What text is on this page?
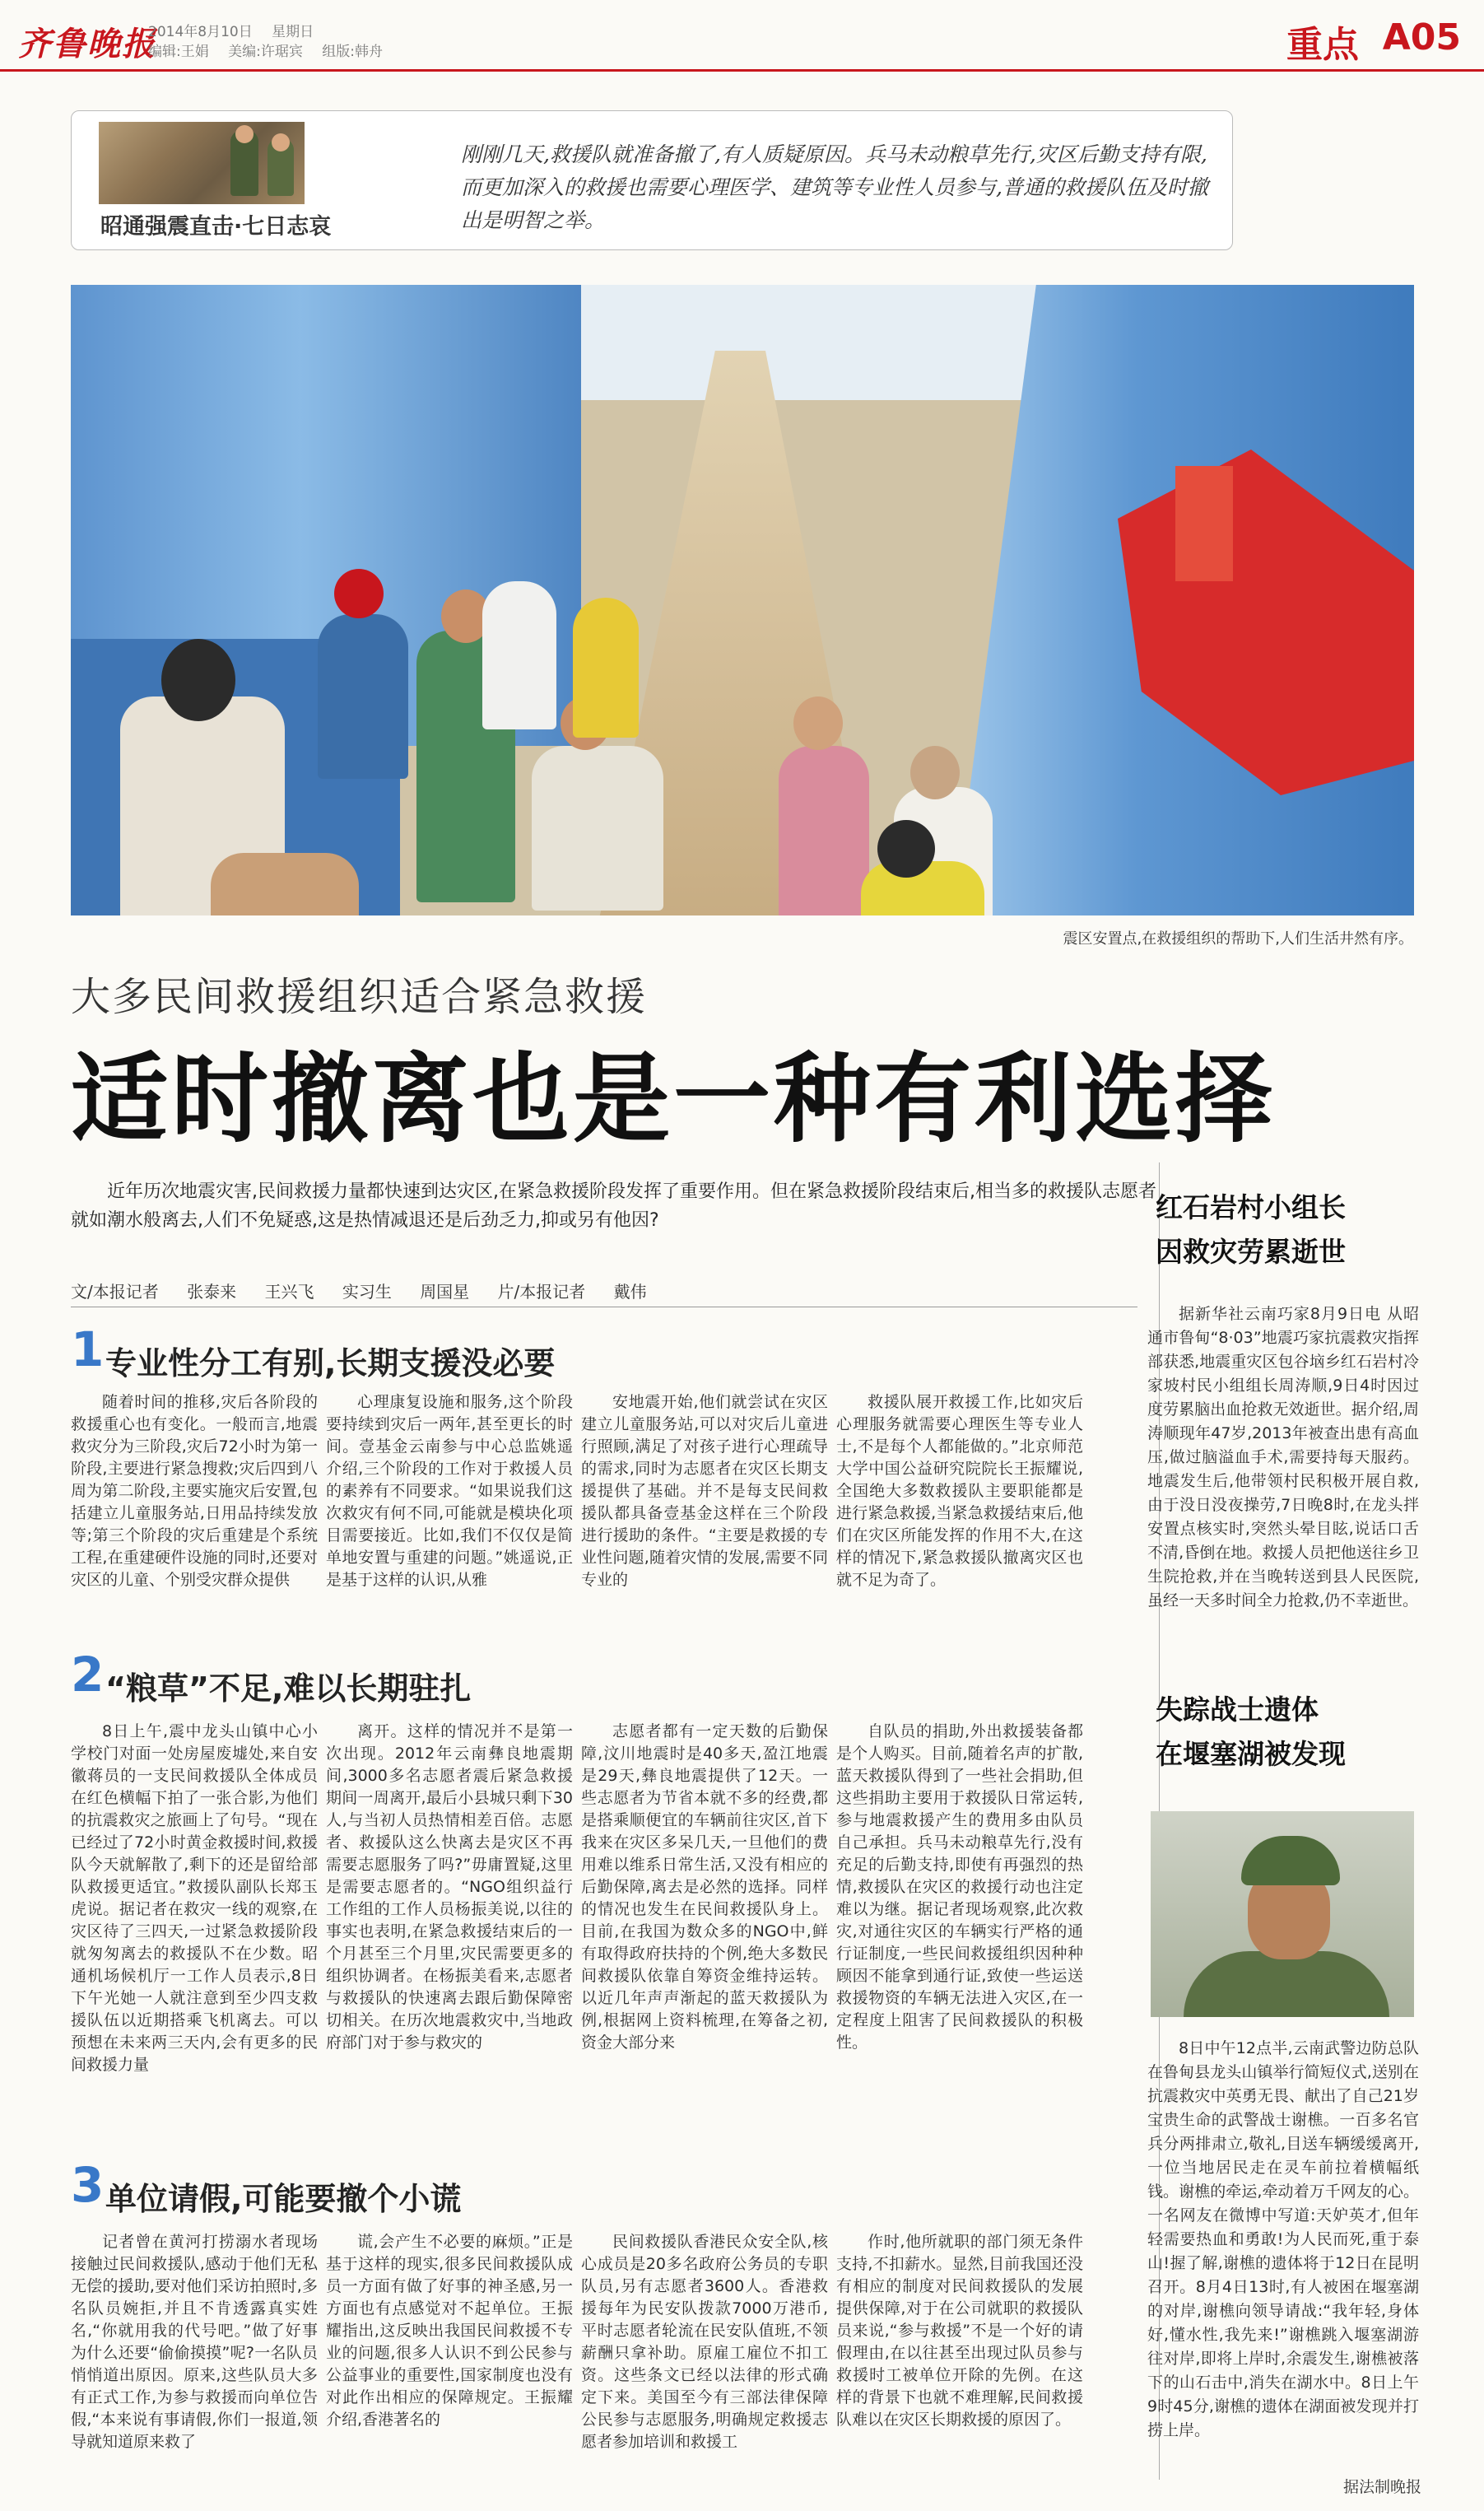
齐鲁晚报
2014年8月10日 星期日
编辑:王娟 美编:许琚宾 组版:韩舟	重点 A05
昭通强震直击·七日志哀
刚刚几天,救援队就准备撤了,有人质疑原因。兵马未动粮草先行,灾区后勤支持有限,而更加深入的救援也需要心理医学、建筑等专业性人员参与,普通的救援队伍及时撤出是明智之举。
震区安置点,在救援组织的帮助下,人们生活井然有序。
大多民间救援组织适合紧急救援
适时撤离也是一种有利选择
近年历次地震灾害,民间救援力量都快速到达灾区,在紧急救援阶段发挥了重要作用。但在紧急救援阶段结束后,相当多的救援队志愿者就如潮水般离去,人们不免疑惑,这是热情减退还是后劲乏力,抑或另有他因?
文/本报记者 张泰来 王兴飞 实习生 周国星 片/本报记者 戴伟
1 专业性分工有别,长期支援没必要
随着时间的推移,灾后各阶段的救援重心也有变化。一般而言,地震救灾分为三阶段,灾后72小时为第一阶段,主要进行紧急搜救;灾后四到八周为第二阶段,主要实施灾后安置,包括建立儿童服务站,日用品持续发放等;第三个阶段的灾后重建是个系统工程,在重建硬件设施的同时,还要对灾区的儿童、个别受灾群众提供
心理康复设施和服务,这个阶段要持续到灾后一两年,甚至更长的时间。壹基金云南参与中心总监姚遥介绍,三个阶段的工作对于救援人员的素养有不同要求。“如果说我们这次救灾有何不同,可能就是模块化项目需要接近。比如,我们不仅仅是简单地安置与重建的问题。”姚遥说,正是基于这样的认识,从雅
安地震开始,他们就尝试在灾区建立儿童服务站,可以对灾后儿童进行照顾,满足了对孩子进行心理疏导的需求,同时为志愿者在灾区长期支援提供了基础。并不是每支民间救援队都具备壹基金这样在三个阶段进行援助的条件。“主要是救援的专业性问题,随着灾情的发展,需要不同专业的
救援队展开救援工作,比如灾后心理服务就需要心理医生等专业人士,不是每个人都能做的。”北京师范大学中国公益研究院院长王振耀说,全国绝大多数救援队主要职能都是进行紧急救援,当紧急救援结束后,他们在灾区所能发挥的作用不大,在这样的情况下,紧急救援队撤离灾区也就不足为奇了。
2 “粮草”不足,难以长期驻扎
8日上午,震中龙头山镇中心小学校门对面一处房屋废墟处,来自安徽蒋员的一支民间救援队全体成员在红色横幅下拍了一张合影,为他们的抗震救灾之旅画上了句号。“现在已经过了72小时黄金救援时间,救援队今天就解散了,剩下的还是留给部队救援更适宜。”救援队副队长郑玉虎说。据记者在救灾一线的观察,在灾区待了三四天,一过紧急救援阶段就匆匆离去的救援队不在少数。昭通机场候机厅一工作人员表示,8日下午光她一人就注意到至少四支救援队伍以近期搭乘飞机离去。可以预想在未来两三天内,会有更多的民间救援力量
离开。这样的情况并不是第一次出现。2012年云南彝良地震期间,3000多名志愿者震后紧急救援期间一周离开,最后小县城只剩下30人,与当初人员热情相差百倍。志愿者、救援队这么快离去是灾区不再需要志愿服务了吗?”毋庸置疑,这里是需要志愿者的。“NGO组织益行工作组的工作人员杨振美说,以往的事实也表明,在紧急救援结束后的一个月甚至三个月里,灾民需要更多的组织协调者。在杨振美看来,志愿者与救援队的快速离去跟后勤保障密切相关。在历次地震救灾中,当地政府部门对于参与救灾的
志愿者都有一定天数的后勤保障,汶川地震时是40多天,盈江地震是29天,彝良地震提供了12天。一些志愿者为节省本就不多的经费,都是搭乘顺便宜的车辆前往灾区,首下我来在灾区多呆几天,一旦他们的费用难以维系日常生活,又没有相应的后勤保障,离去是必然的选择。同样的情况也发生在民间救援队身上。目前,在我国为数众多的NGO中,鲜有取得政府扶持的个例,绝大多数民间救援队依靠自筹资金维持运转。以近几年声声渐起的蓝天救援队为例,根据网上资料梳理,在筹备之初,资金大部分来
自队员的捐助,外出救援装备都是个人购买。目前,随着名声的扩散,蓝天救援队得到了一些社会捐助,但这些捐助主要用于救援队日常运转,参与地震救援产生的费用多由队员自己承担。兵马未动粮草先行,没有充足的后勤支持,即使有再强烈的热情,救援队在灾区的救援行动也注定难以为继。据记者现场观察,此次救灾,对通往灾区的车辆实行严格的通行证制度,一些民间救援组织因种种顾因不能拿到通行证,致使一些运送救援物资的车辆无法进入灾区,在一定程度上阻害了民间救援队的积极性。
3 单位请假,可能要撤个小谎
记者曾在黄河打捞溺水者现场接触过民间救援队,感动于他们无私无偿的援助,要对他们采访拍照时,多名队员婉拒,并且不肯透露真实姓名,“你就用我的代号吧。”做了好事为什么还要“偷偷摸摸”呢?一名队员悄悄道出原因。原来,这些队员大多有正式工作,为参与救援而向单位告假,“本来说有事请假,你们一报道,领导就知道原来救了
谎,会产生不必要的麻烦。”正是基于这样的现实,很多民间救援队成员一方面有做了好事的神圣感,另一方面也有点感觉对不起单位。王振耀指出,这反映出我国民间救援不专业的问题,很多人认识不到公民参与公益事业的重要性,国家制度也没有对此作出相应的保障规定。王振耀介绍,香港著名的
民间救援队香港民众安全队,核心成员是20多名政府公务员的专职队员,另有志愿者3600人。香港救援每年为民安队拨款7000万港币,平时志愿者轮流在民安队值班,不领薪酬只拿补助。原雇工雇位不扣工资。这些条文已经以法律的形式确定下来。美国至今有三部法律保障公民参与志愿服务,明确规定救援志愿者参加培训和救援工
作时,他所就职的部门须无条件支持,不扣薪水。显然,目前我国还没有相应的制度对民间救援队的发展提供保障,对于在公司就职的救援队员来说,“参与救援”不是一个好的请假理由,在以往甚至出现过队员参与救援时工被单位开除的先例。在这样的背景下也就不难理解,民间救援队难以在灾区长期救援的原因了。
红石岩村小组长
因救灾劳累逝世
据新华社云南巧家8月9日电 从昭通市鲁甸“8·03”地震巧家抗震救灾指挥部获悉,地震重灾区包谷垴乡红石岩村冷家坡村民小组组长周涛顺,9日4时因过度劳累脑出血抢救无效逝世。据介绍,周涛顺现年47岁,2013年被查出患有高血压,做过脑溢血手术,需要持每天服药。地震发生后,他带领村民积极开展自救,由于没日没夜操劳,7日晚8时,在龙头拌安置点核实时,突然头晕目眩,说话口舌不清,昏倒在地。救援人员把他送往乡卫生院抢救,并在当晚转送到县人民医院,虽经一天多时间全力抢救,仍不幸逝世。
失踪战士遗体
在堰塞湖被发现
8日中午12点半,云南武警边防总队在鲁甸县龙头山镇举行简短仪式,送别在抗震救灾中英勇无畏、献出了自己21岁宝贵生命的武警战士谢樵。一百多名官兵分两排肃立,敬礼,目送车辆缓缓离开,一位当地居民走在灵车前拉着横幅纸钱。谢樵的牵运,牵动着万千网友的心。一名网友在微博中写道:天妒英才,但年轻需要热血和勇敢!为人民而死,重于泰山!握了解,谢樵的遗体将于12日在昆明召开。8月4日13时,有人被困在堰塞湖的对岸,谢樵向领导请战:“我年轻,身体好,懂水性,我先来!”谢樵跳入堰塞湖游往对岸,即将上岸时,余震发生,谢樵被落下的山石击中,消失在湖水中。8日上午9时45分,谢樵的遗体在湖面被发现并打捞上岸。
据法制晚报
